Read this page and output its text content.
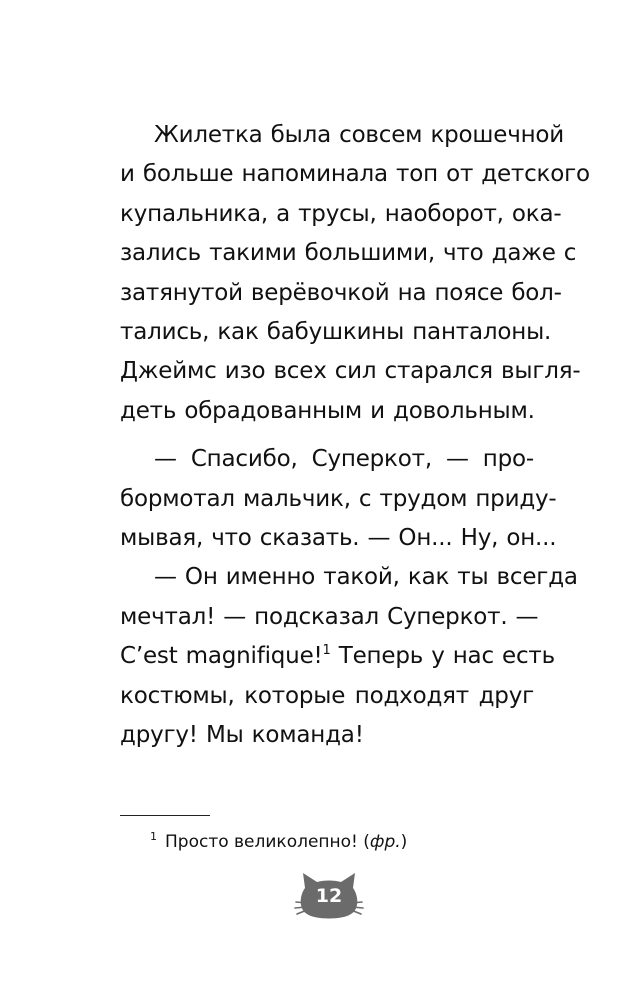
Жилетка была совсем крошечной
и больше напоминала топ от детского
купальника, а трусы, наоборот, ока-
зались такими большими, что даже с
затянутой верёвочкой на поясе бол-
тались, как бабушкины панталоны.
Джеймс изо всех сил старался выгля-
деть обрадованным и довольным.

— Спасибо, Суперкот, — про-
бормотал мальчик, с трудом приду-
мывая, что сказать. — Он... Ну, он...

— Он именно такой, как ты всегда
мечтал! — подсказал Суперкот. —
C’est magnifique!$^1$ Теперь у нас есть
костюмы, которые подходят друг
другу! Мы команда!

$^1$ Просто великолепно! (фр.)
12
